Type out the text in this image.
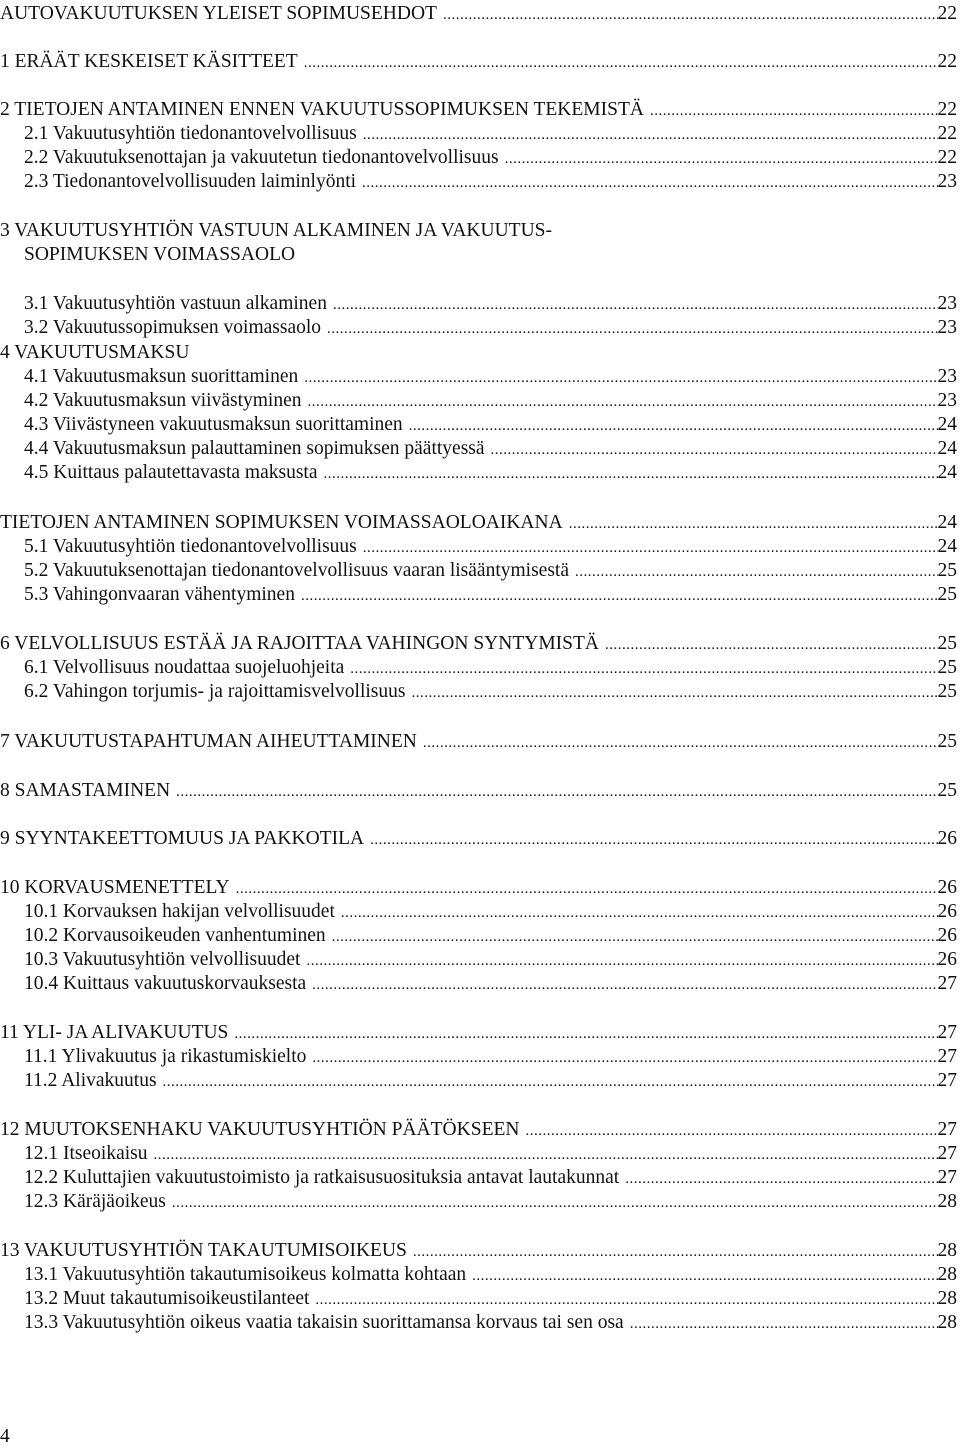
AUTOVAKUUTUKSEN YLEISET SOPIMUSEHDOT .....	22
1 ERÄÄT KESKEISET KÄSITTEET .....	22
2 TIETOJEN ANTAMINEN ENNEN VAKUUTUSSOPIMUKSEN TEKEMISTÄ .....	22
2.1 Vakuutusyhtiön tiedonantovelvollisuus .....	22
2.2 Vakuutuksenottajan ja vakuutetun tiedonantovelvollisuus .....	22
2.3 Tiedonantovelvollisuuden laiminlyönti .....	23
3 VAKUUTUSYHTIÖN VASTUUN ALKAMINEN JA VAKUUTUS-
SOPIMUKSEN VOIMASSAOLO
3.1 Vakuutusyhtiön vastuun alkaminen .....	23
3.2 Vakuutussopimuksen voimassaolo .....	23
4 VAKUUTUSMAKSU
4.1 Vakuutusmaksun suorittaminen .....	23
4.2 Vakuutusmaksun viivästyminen .....	23
4.3 Viivästyneen vakuutusmaksun suorittaminen .....	24
4.4 Vakuutusmaksun palauttaminen sopimuksen päättyessä .....	24
4.5 Kuittaus palautettavasta maksusta .....	24
TIETOJEN ANTAMINEN SOPIMUKSEN VOIMASSAOLOAIKANA .....	24
5.1 Vakuutusyhtiön tiedonantovelvollisuus .....	24
5.2 Vakuutuksenottajan tiedonantovelvollisuus vaaran lisääntymisestä .....	25
5.3 Vahingonvaaran vähentyminen .....	25
6 VELVOLLISUUS ESTÄÄ JA RAJOITTAA VAHINGON SYNTYMISTÄ .....	25
6.1 Velvollisuus noudattaa suojeluohjeita .....	25
6.2 Vahingon torjumis- ja rajoittamisvelvollisuus .....	25
7 VAKUUTUSTAPAHTUMAN AIHEUTTAMINEN .....	25
8 SAMASTAMINEN .....	25
9 SYYNTAKEETTOMUUS JA PAKKOTILA .....	26
10 KORVAUSMENETTELY .....	26
10.1 Korvauksen hakijan velvollisuudet .....	26
10.2 Korvausoikeuden vanhentuminen .....	26
10.3 Vakuutusyhtiön velvollisuudet .....	26
10.4 Kuittaus vakuutuskorvauksesta .....	27
11 YLI- JA ALIVAKUUTUS .....	27
11.1 Ylivakuutus ja rikastumiskielto .....	27
11.2 Alivakuutus .....	27
12 MUUTOKSENHAKU VAKUUTUSYHTIÖN PÄÄTÖKSEEN .....	27
12.1 Itseoikaisu .....	27
12.2 Kuluttajien vakuutustoimisto ja ratkaisusuosituksia antavat lautakunnat .....	27
12.3 Käräjäoikeus .....	28
13 VAKUUTUSYHTIÖN TAKAUTUMISOIKEUS .....	28
13.1 Vakuutusyhtiön takautumisoikeus kolmatta kohtaan .....	28
13.2 Muut takautumisoikeustilanteet .....	28
13.3 Vakuutusyhtiön oikeus vaatia takaisin suorittamansa korvaus tai sen osa .....	28
4
